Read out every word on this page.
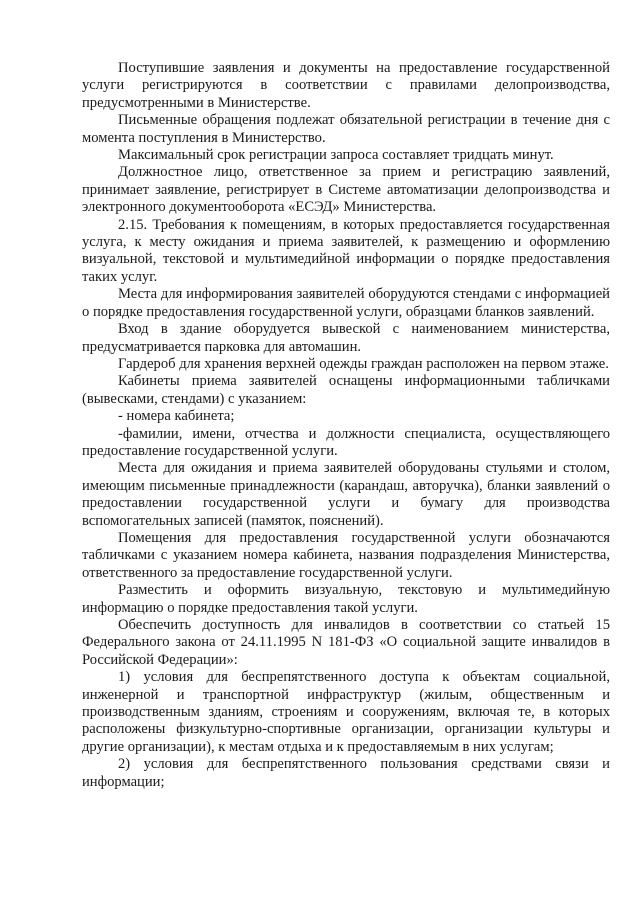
Поступившие заявления и документы на предоставление государственной услуги регистрируются в соответствии с правилами делопроизводства, предусмотренными в Министерстве.

Письменные обращения подлежат обязательной регистрации в течение дня с момента поступления в Министерство.

Максимальный срок регистрации запроса составляет тридцать минут.

Должностное лицо, ответственное за прием и регистрацию заявлений, принимает заявление, регистрирует в Системе автоматизации делопроизводства и электронного документооборота «ЕСЭД» Министерства.

2.15. Требования к помещениям, в которых предоставляется государственная услуга, к месту ожидания и приема заявителей, к размещению и оформлению визуальной, текстовой и мультимедийной информации о порядке предоставления таких услуг.

Места для информирования заявителей оборудуются стендами с информацией о порядке предоставления государственной услуги, образцами бланков заявлений.

Вход в здание оборудуется вывеской с наименованием министерства, предусматривается парковка для автомашин.

Гардероб для хранения верхней одежды граждан расположен на первом этаже.

Кабинеты приема заявителей оснащены информационными табличками (вывесками, стендами) с указанием:

- номера кабинета;

-фамилии, имени, отчества и должности специалиста, осуществляющего предоставление государственной услуги.

Места для ожидания и приема заявителей оборудованы стульями и столом, имеющим письменные принадлежности (карандаш, авторучка), бланки заявлений о предоставлении государственной услуги и бумагу для производства вспомогательных записей (памяток, пояснений).

Помещения для предоставления государственной услуги обозначаются табличками с указанием номера кабинета, названия подразделения Министерства, ответственного за предоставление государственной услуги.

Разместить и оформить визуальную, текстовую и мультимедийную информацию о порядке предоставления такой услуги.

Обеспечить доступность для инвалидов в соответствии со статьей 15 Федерального закона от 24.11.1995 N 181-ФЗ «О социальной защите инвалидов в Российской Федерации»:

1) условия для беспрепятственного доступа к объектам социальной, инженерной и транспортной инфраструктур (жилым, общественным и производственным зданиям, строениям и сооружениям, включая те, в которых расположены физкультурно-спортивные организации, организации культуры и другие организации), к местам отдыха и к предоставляемым в них услугам;

2) условия для беспрепятственного пользования средствами связи и информации;
